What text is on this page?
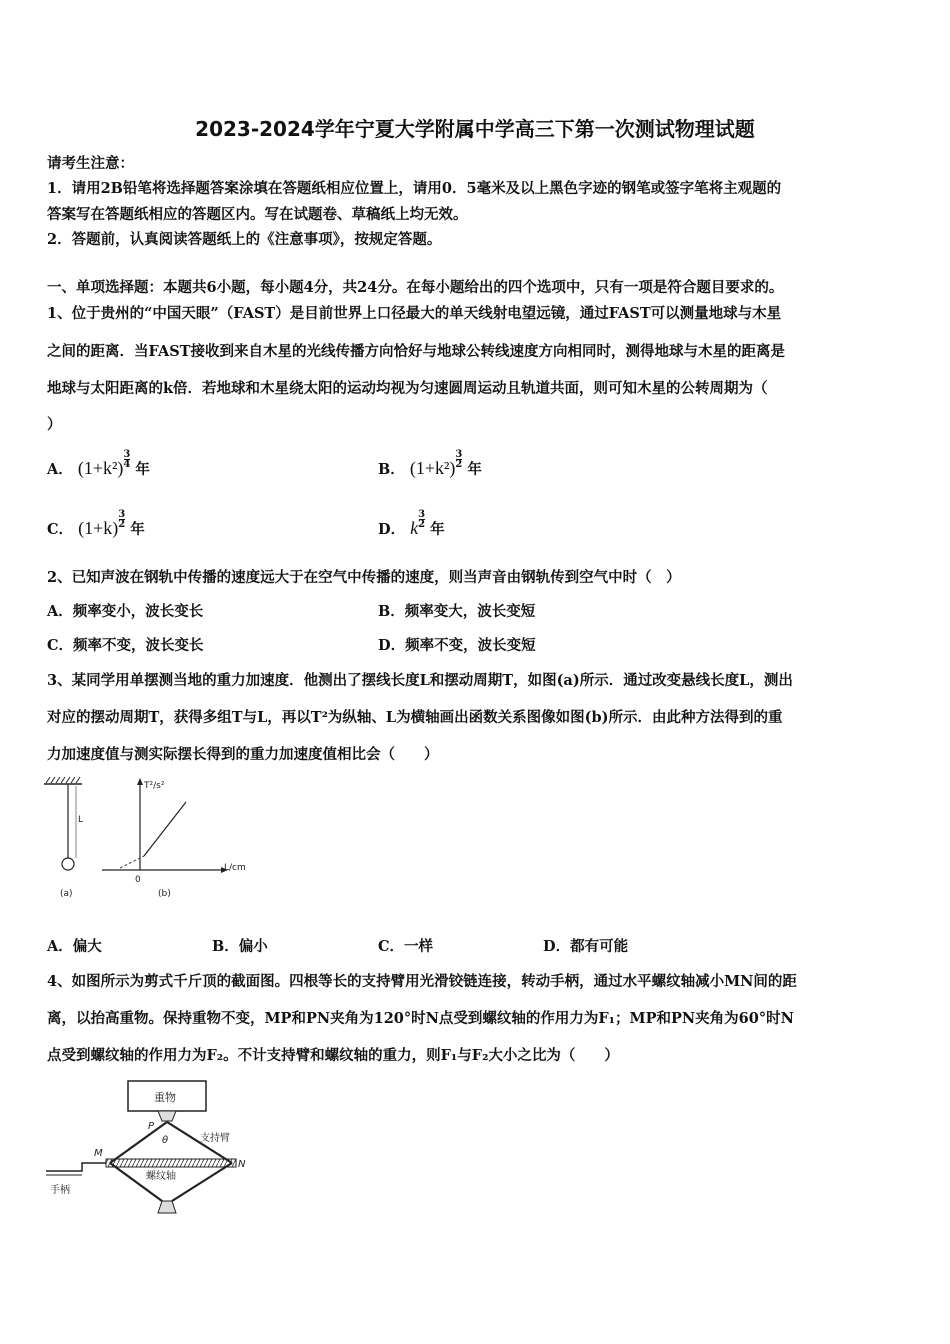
2023-2024学年宁夏大学附属中学高三下第一次测试物理试题
请考生注意：
1．请用2B铅笔将选择题答案涂填在答题纸相应位置上，请用0．5毫米及以上黑色字迹的钢笔或签字笔将主观题的
答案写在答题纸相应的答题区内。写在试题卷、草稿纸上均无效。
2．答题前，认真阅读答题纸上的《注意事项》，按规定答题。
一、单项选择题：本题共6小题，每小题4分，共24分。在每小题给出的四个选项中，只有一项是符合题目要求的。
1、位于贵州的“中国天眼”（FAST）是目前世界上口径最大的单天线射电望远镜，通过FAST可以测量地球与木星
之间的距离．当FAST接收到来自木星的光线传播方向恰好与地球公转线速度方向相同时，测得地球与木星的距离是
地球与太阳距离的k倍．若地球和木星绕太阳的运动均视为匀速圆周运动且轨道共面，则可知木星的公转周期为（
）
A． $(1+k^2) \frac{3}{4}$
年	B． $(1+k^2) \frac{3}{2}$
年
C． $(1+k) \frac{3}{2}$
年	D． k $\frac{3}{2}$
年
2、已知声波在钢轨中传播的速度远大于在空气中传播的速度，则当声音由钢轨传到空气中时（　）
A．频率变小，波长变长	B．频率变大，波长变短
C．频率不变，波长变长	D．频率不变，波长变短
3、某同学用单摆测当地的重力加速度．他测出了摆线长度L和摆动周期T，如图(a)所示．通过改变悬线长度L，测出
对应的摆动周期T，获得多组T与L，再以T²为纵轴、L为横轴画出函数关系图像如图(b)所示．由此种方法得到的重
力加速度值与测实际摆长得到的重力加速度值相比会（　　）
L
(a)
T²/s²
L/cm
0
(b)
A．偏大	B．偏小	C．一样	D．都有可能
4、如图所示为剪式千斤顶的截面图。四根等长的支持臂用光滑铰链连接，转动手柄，通过水平螺纹轴减小MN间的距
离，以抬高重物。保持重物不变，MP和PN夹角为120°时N点受到螺纹轴的作用力为F₁；MP和PN夹角为60°时N
点受到螺纹轴的作用力为F₂。不计支持臂和螺纹轴的重力，则F₁与F₂大小之比为（　　）
重物
P
θ	支持臂
螺纹轴
M
N
手柄
